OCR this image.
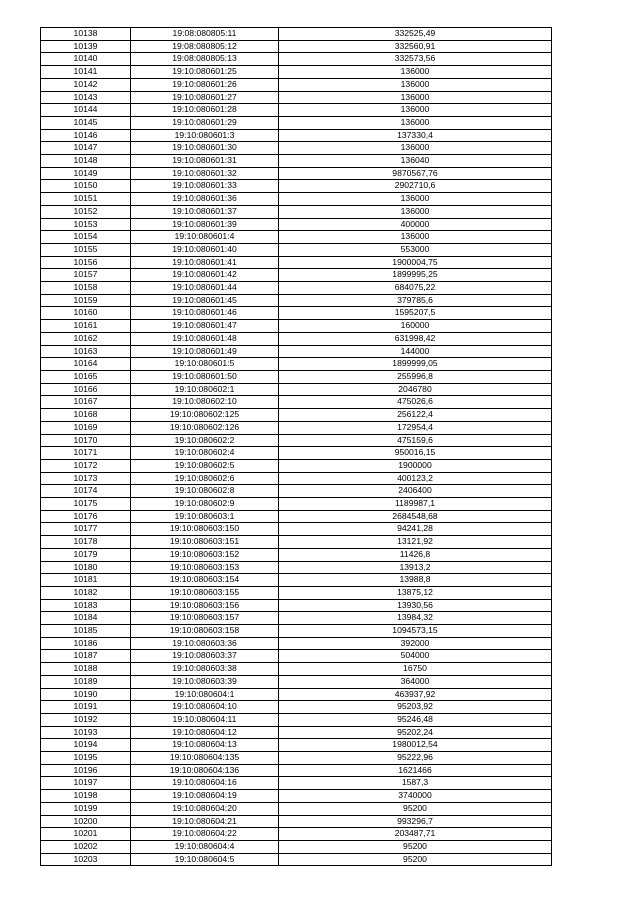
10138	19:08:080805:11	332525,49
10139	19:08:080805:12	332560,91
10140	19:08:080805:13	332573,56
10141	19:10:080601:25	136000
10142	19:10:080601:26	136000
10143	19:10:080601:27	136000
10144	19:10:080601:28	136000
10145	19:10:080601:29	136000
10146	19:10:080601:3	137330,4
10147	19:10:080601:30	136000
10148	19:10:080601:31	136040
10149	19:10:080601:32	9870567,76
10150	19:10:080601:33	2902710,6
10151	19:10:080601:36	136000
10152	19:10:080601:37	136000
10153	19:10:080601:39	400000
10154	19:10:080601:4	136000
10155	19:10:080601:40	553000
10156	19:10:080601:41	1900004,75
10157	19:10:080601:42	1899995,25
10158	19:10:080601:44	684075,22
10159	19:10:080601:45	379785,6
10160	19:10:080601:46	1595207,5
10161	19:10:080601:47	160000
10162	19:10:080601:48	631998,42
10163	19:10:080601:49	144000
10164	19:10:080601:5	1899999,05
10165	19:10:080601:50	255996,8
10166	19:10:080602:1	2046780
10167	19:10:080602:10	475026,6
10168	19:10:080602:125	256122,4
10169	19:10:080602:126	172954,4
10170	19:10:080602:2	475159,6
10171	19:10:080602:4	950016,15
10172	19:10:080602:5	1900000
10173	19:10:080602:6	400123,2
10174	19:10:080602:8	2406400
10175	19:10:080602:9	1189987,1
10176	19:10:080603:1	2684548,68
10177	19:10:080603:150	94241,28
10178	19:10:080603:151	13121,92
10179	19:10:080603:152	11426,8
10180	19:10:080603:153	13913,2
10181	19:10:080603:154	13988,8
10182	19:10:080603:155	13875,12
10183	19:10:080603:156	13930,56
10184	19:10:080603:157	13984,32
10185	19:10:080603:158	1094573,15
10186	19:10:080603:36	392000
10187	19:10:080603:37	504000
10188	19:10:080603:38	16750
10189	19:10:080603:39	364000
10190	19:10:080604:1	463937,92
10191	19:10:080604:10	95203,92
10192	19:10:080604:11	95246,48
10193	19:10:080604:12	95202,24
10194	19:10:080604:13	1980012,54
10195	19:10:080604:135	95222,96
10196	19:10:080604:136	1621466
10197	19:10:080604:16	1587,3
10198	19:10:080604:19	3740000
10199	19:10:080604:20	95200
10200	19:10:080604:21	993296,7
10201	19:10:080604:22	203487,71
10202	19:10:080604:4	95200
10203	19:10:080604:5	95200
